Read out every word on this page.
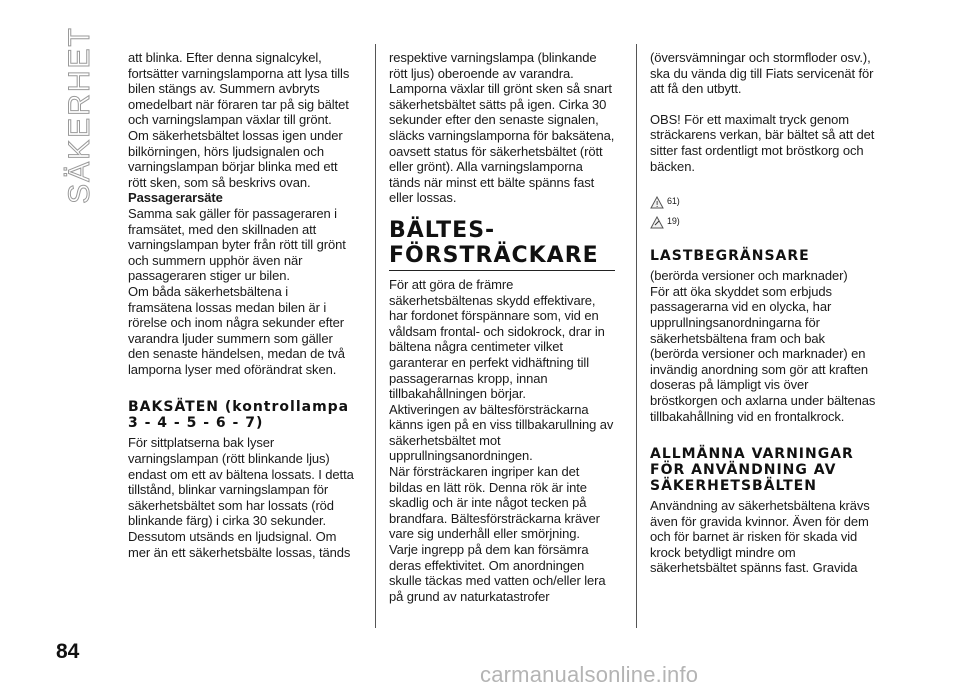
SÄKERHET att blinka. Efter denna signalcykel, fortsätter varningslamporna att lysa tills bilen stängs av. Summern avbryts omedelbart när föraren tar på sig bältet och varningslampan växlar till grönt.

Om säkerhetsbältet lossas igen under bilkörningen, hörs ljudsignalen och varningslampan börjar blinka med ett rött sken, som så beskrivs ovan.

Passagerarsäte

Samma sak gäller för passageraren i framsätet, med den skillnaden att varningslampan byter från rött till grönt och summern upphör även när passageraren stiger ur bilen.

Om båda säkerhetsbältena i framsätena lossas medan bilen är i rörelse och inom några sekunder efter varandra ljuder summern som gäller den senaste händelsen, medan de två lamporna lyser med oförändrat sken.

BAKSÄTEN (kontrollampa 3 - 4 - 5 - 6 - 7)

För sittplatserna bak lyser varningslampan (rött blinkande ljus) endast om ett av bältena lossats. I detta tillstånd, blinkar varningslampan för säkerhetsbältet som har lossats (röd blinkande färg) i cirka 30 sekunder. Dessutom utsänds en ljudsignal. Om mer än ett säkerhetsbälte lossas, tänds

respektive varningslampa (blinkande rött ljus) oberoende av varandra.

Lamporna växlar till grönt sken så snart säkerhetsbältet sätts på igen. Cirka 30 sekunder efter den senaste signalen, släcks varningslamporna för baksätena, oavsett status för säkerhetsbältet (rött eller grönt). Alla varningslamporna tänds när minst ett bälte spänns fast eller lossas.

BÄLTES-FÖRSTRÄCKARE

För att göra de främre säkerhetsbältenas skydd effektivare, har fordonet förspännare som, vid en våldsam frontal- och sidokrock, drar in bältena några centimeter vilket garanterar en perfekt vidhäftning till passagerarnas kropp, innan tillbakahållningen börjar.

Aktiveringen av bältesförsträckarna känns igen på en viss tillbakarullning av säkerhetsbältet mot upprullningsanordningen.

När försträckaren ingriper kan det bildas en lätt rök. Denna rök är inte skadlig och är inte något tecken på brandfara. Bältesförsträckarna kräver vare sig underhåll eller smörjning.

Varje ingrepp på dem kan försämra deras effektivitet. Om anordningen skulle täckas med vatten och/eller lera på grund av naturkatastrofer

(översvämningar och stormfloder osv.), ska du vända dig till Fiats servicenät för att få den utbytt.

OBS! För ett maximalt tryck genom sträckarens verkan, bär bältet så att det sitter fast ordentligt mot bröstkorg och bäcken.

! 61)
19)
LASTBEGRÄNSARE

(berörda versioner och marknader)

För att öka skyddet som erbjuds passagerarna vid en olycka, har upprullningsanordningarna för säkerhetsbältena fram och bak (berörda versioner och marknader) en invändig anordning som gör att kraften doseras på lämpligt vis över bröstkorgen och axlarna under bältenas tillbakahållning vid en frontalkrock.

ALLMÄNNA VARNINGAR FÖR ANVÄNDNING AV SÄKERHETSBÄLTEN

Användning av säkerhetsbältena krävs även för gravida kvinnor. Även för dem och för barnet är risken för skada vid krock betydligt mindre om säkerhetsbältet spänns fast. Gravida

84
carmanualsonline.info
